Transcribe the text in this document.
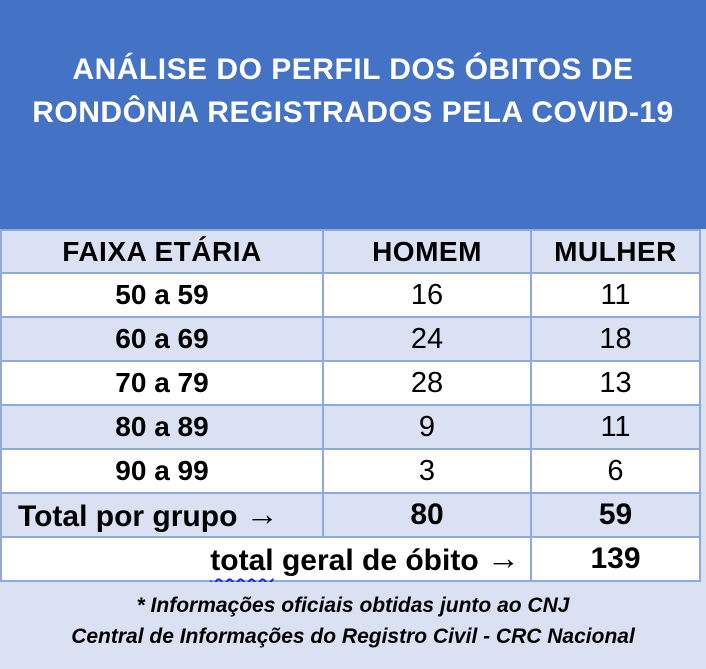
ANÁLISE DO PERFIL DOS ÓBITOS DE
RONDÔNIA REGISTRADOS PELA COVID-19
FAIXA ETÁRIA	HOMEM	MULHER
50 a 59	16	11
60 a 69	24	18
70 a 79	28	13
80 a 89	9	11
90 a 99	3	6
Total por grupo →	80	59
total geral de óbito →		139
* Informações oficiais obtidas junto ao CNJ
Central de Informações do Registro Civil - CRC Nacional
